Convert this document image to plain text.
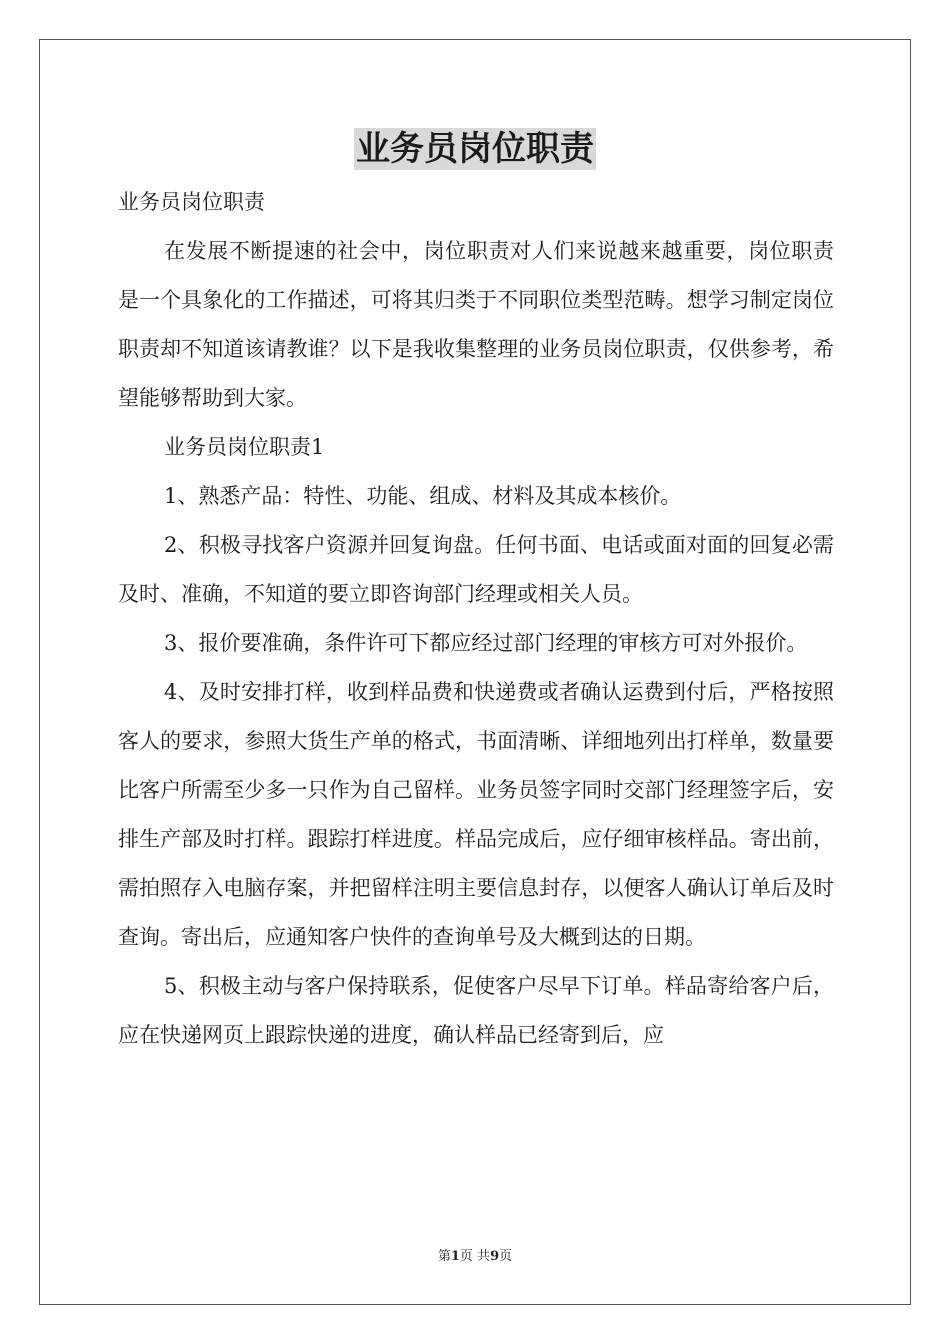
业务员岗位职责

业务员岗位职责

在发展不断提速的社会中，岗位职责对人们来说越来越重要，岗位职责是一个具象化的工作描述，可将其归类于不同职位类型范畴。想学习制定岗位职责却不知道该请教谁？以下是我收集整理的业务员岗位职责，仅供参考，希望能够帮助到大家。

业务员岗位职责1

1、熟悉产品：特性、功能、组成、材料及其成本核价。

2、积极寻找客户资源并回复询盘。任何书面、电话或面对面的回复必需及时、准确，不知道的要立即咨询部门经理或相关人员。

3、报价要准确，条件许可下都应经过部门经理的审核方可对外报价。

4、及时安排打样，收到样品费和快递费或者确认运费到付后，严格按照客人的要求，参照大货生产单的格式，书面清晰、详细地列出打样单，数量要比客户所需至少多一只作为自己留样。业务员签字同时交部门经理签字后，安排生产部及时打样。跟踪打样进度。样品完成后，应仔细审核样品。寄出前，需拍照存入电脑存案，并把留样注明主要信息封存，以便客人确认订单后及时查询。寄出后，应通知客户快件的查询单号及大概到达的日期。

5、积极主动与客户保持联系，促使客户尽早下订单。样品寄给客户后，应在快递网页上跟踪快递的进度，确认样品已经寄到后，应

第1页 共9页
